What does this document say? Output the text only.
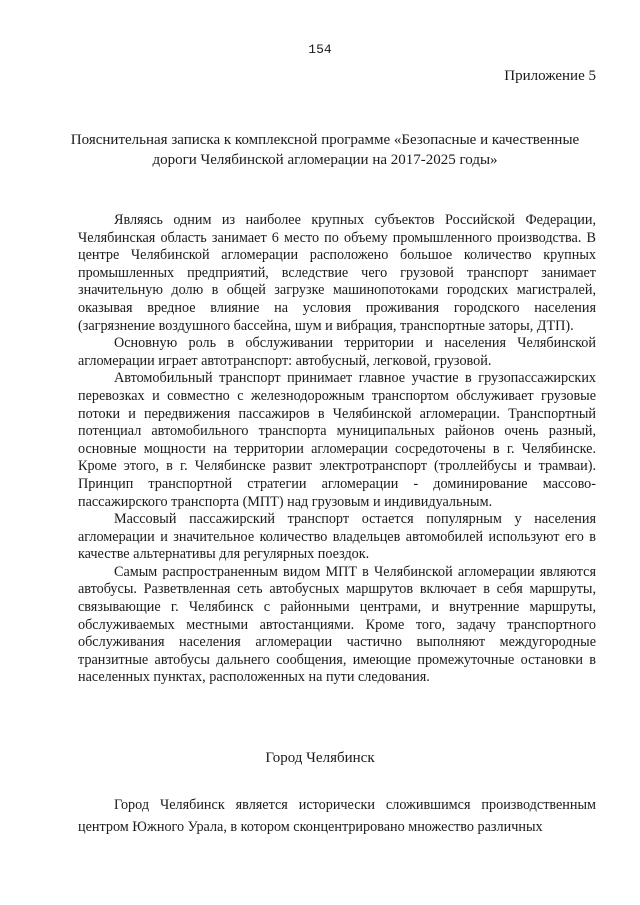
154
Приложение 5
Пояснительная записка к комплексной программе «Безопасные и качественные дороги Челябинской агломерации на 2017-2025 годы»

Являясь одним из наиболее крупных субъектов Российской Федерации, Челябинская область занимает 6 место по объему промышленного производства. В центре Челябинской агломерации расположено большое количество крупных промышленных предприятий, вследствие чего грузовой транспорт занимает значительную долю в общей загрузке машинопотоками городских магистралей, оказывая вредное влияние на условия проживания городского населения (загрязнение воздушного бассейна, шум и вибрация, транспортные заторы, ДТП).

Основную роль в обслуживании территории и населения Челябинской агломерации играет автотранспорт: автобусный, легковой, грузовой.

Автомобильный транспорт принимает главное участие в грузопассажирских перевозках и совместно с железнодорожным транспортом обслуживает грузовые потоки и передвижения пассажиров в Челябинской агломерации. Транспортный потенциал автомобильного транспорта муниципальных районов очень разный, основные мощности на территории агломерации сосредоточены в г. Челябинске. Кроме этого, в г. Челябинске развит электротранспорт (троллейбусы и трамваи). Принцип транспортной стратегии агломерации - доминирование массово-пассажирского транспорта (МПТ) над грузовым и индивидуальным.

Массовый пассажирский транспорт остается популярным у населения агломерации и значительное количество владельцев автомобилей используют его в качестве альтернативы для регулярных поездок.

Самым распространенным видом МПТ в Челябинской агломерации являются автобусы. Разветвленная сеть автобусных маршрутов включает в себя маршруты, связывающие г. Челябинск с районными центрами, и внутренние маршруты, обслуживаемых местными автостанциями. Кроме того, задачу транспортного обслуживания населения агломерации частично выполняют междугородные транзитные автобусы дальнего сообщения, имеющие промежуточные остановки в населенных пунктах, расположенных на пути следования.

Город Челябинск

Город Челябинск является исторически сложившимся производственным центром Южного Урала, в котором сконцентрировано множество различных
